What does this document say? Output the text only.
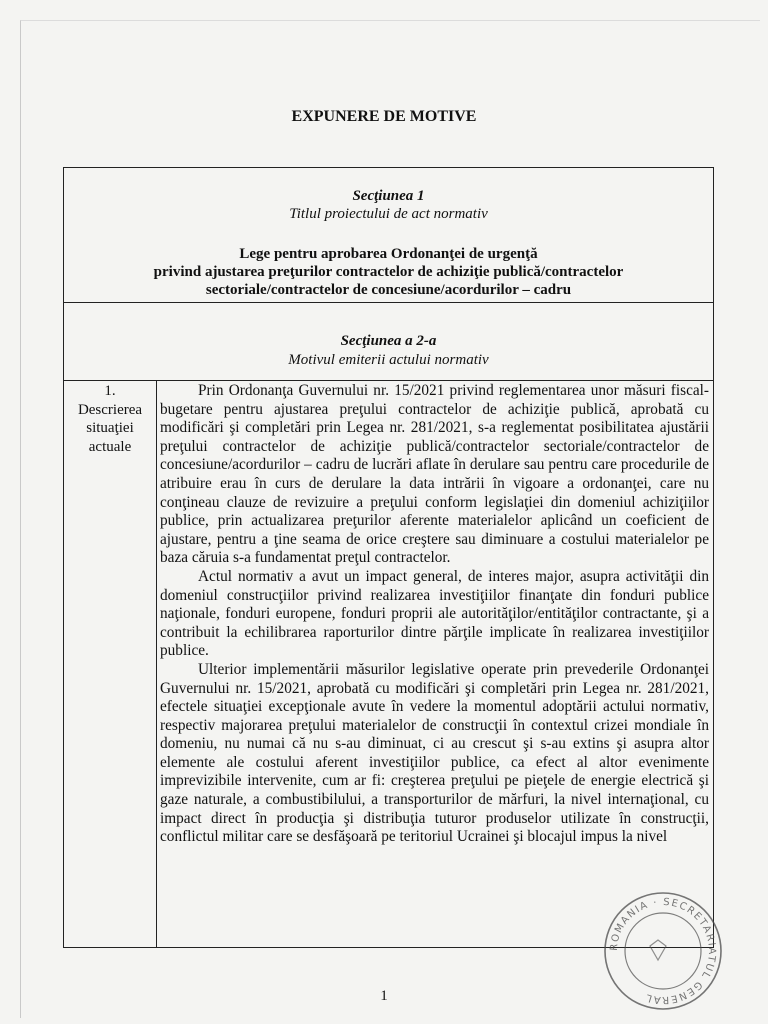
EXPUNERE DE MOTIVE
Secţiunea 1
Titlul proiectului de act normativ
Lege pentru aprobarea Ordonanţei de urgenţă
privind ajustarea preţurilor contractelor de achiziţie publică/contractelor
sectoriale/contractelor de concesiune/acordurilor – cadru
Secţiunea a 2-a
Motivul emiterii actului normativ
1.
Descrierea
situaţiei
actuale

Prin Ordonanţa Guvernului nr. 15/2021 privind reglementarea unor măsuri fiscal-bugetare pentru ajustarea preţului contractelor de achiziţie publică, aprobată cu modificări şi completări prin Legea nr. 281/2021, s-a reglementat posibilitatea ajustării preţului contractelor de achiziţie publică/contractelor sectoriale/contractelor de concesiune/acordurilor – cadru de lucrări aflate în derulare sau pentru care procedurile de atribuire erau în curs de derulare la data intrării în vigoare a ordonanţei, care nu conţineau clauze de revizuire a preţului conform legislaţiei din domeniul achiziţiilor publice, prin actualizarea preţurilor aferente materialelor aplicând un coeficient de ajustare, pentru a ţine seama de orice creştere sau diminuare a costului materialelor pe baza căruia s-a fundamentat preţul contractelor.

Actul normativ a avut un impact general, de interes major, asupra activităţii din domeniul construcţiilor privind realizarea investiţiilor finanţate din fonduri publice naţionale, fonduri europene, fonduri proprii ale autorităţilor/entităţilor contractante, şi a contribuit la echilibrarea raporturilor dintre părţile implicate în realizarea investiţiilor publice.

Ulterior implementării măsurilor legislative operate prin prevederile Ordonanţei Guvernului nr. 15/2021, aprobată cu modificări şi completări prin Legea nr. 281/2021, efectele situaţiei excepţionale avute în vedere la momentul adoptării actului normativ, respectiv majorarea preţului materialelor de construcţii în contextul crizei mondiale în domeniu, nu numai că nu s-au diminuat, ci au crescut şi s-au extins şi asupra altor elemente ale costului aferent investiţiilor publice, ca efect al altor evenimente imprevizibile intervenite, cum ar fi: creşterea preţului pe pieţele de energie electrică şi gaze naturale, a combustibilului, a transporturilor de mărfuri, la nivel internaţional, cu impact direct în producţia şi distribuţia tuturor produselor utilizate în construcţii, conflictul militar care se desfăşoară pe teritoriul Ucrainei şi blocajul impus la nivel

ROMANIA · SECRETARIATUL GENERAL
1
